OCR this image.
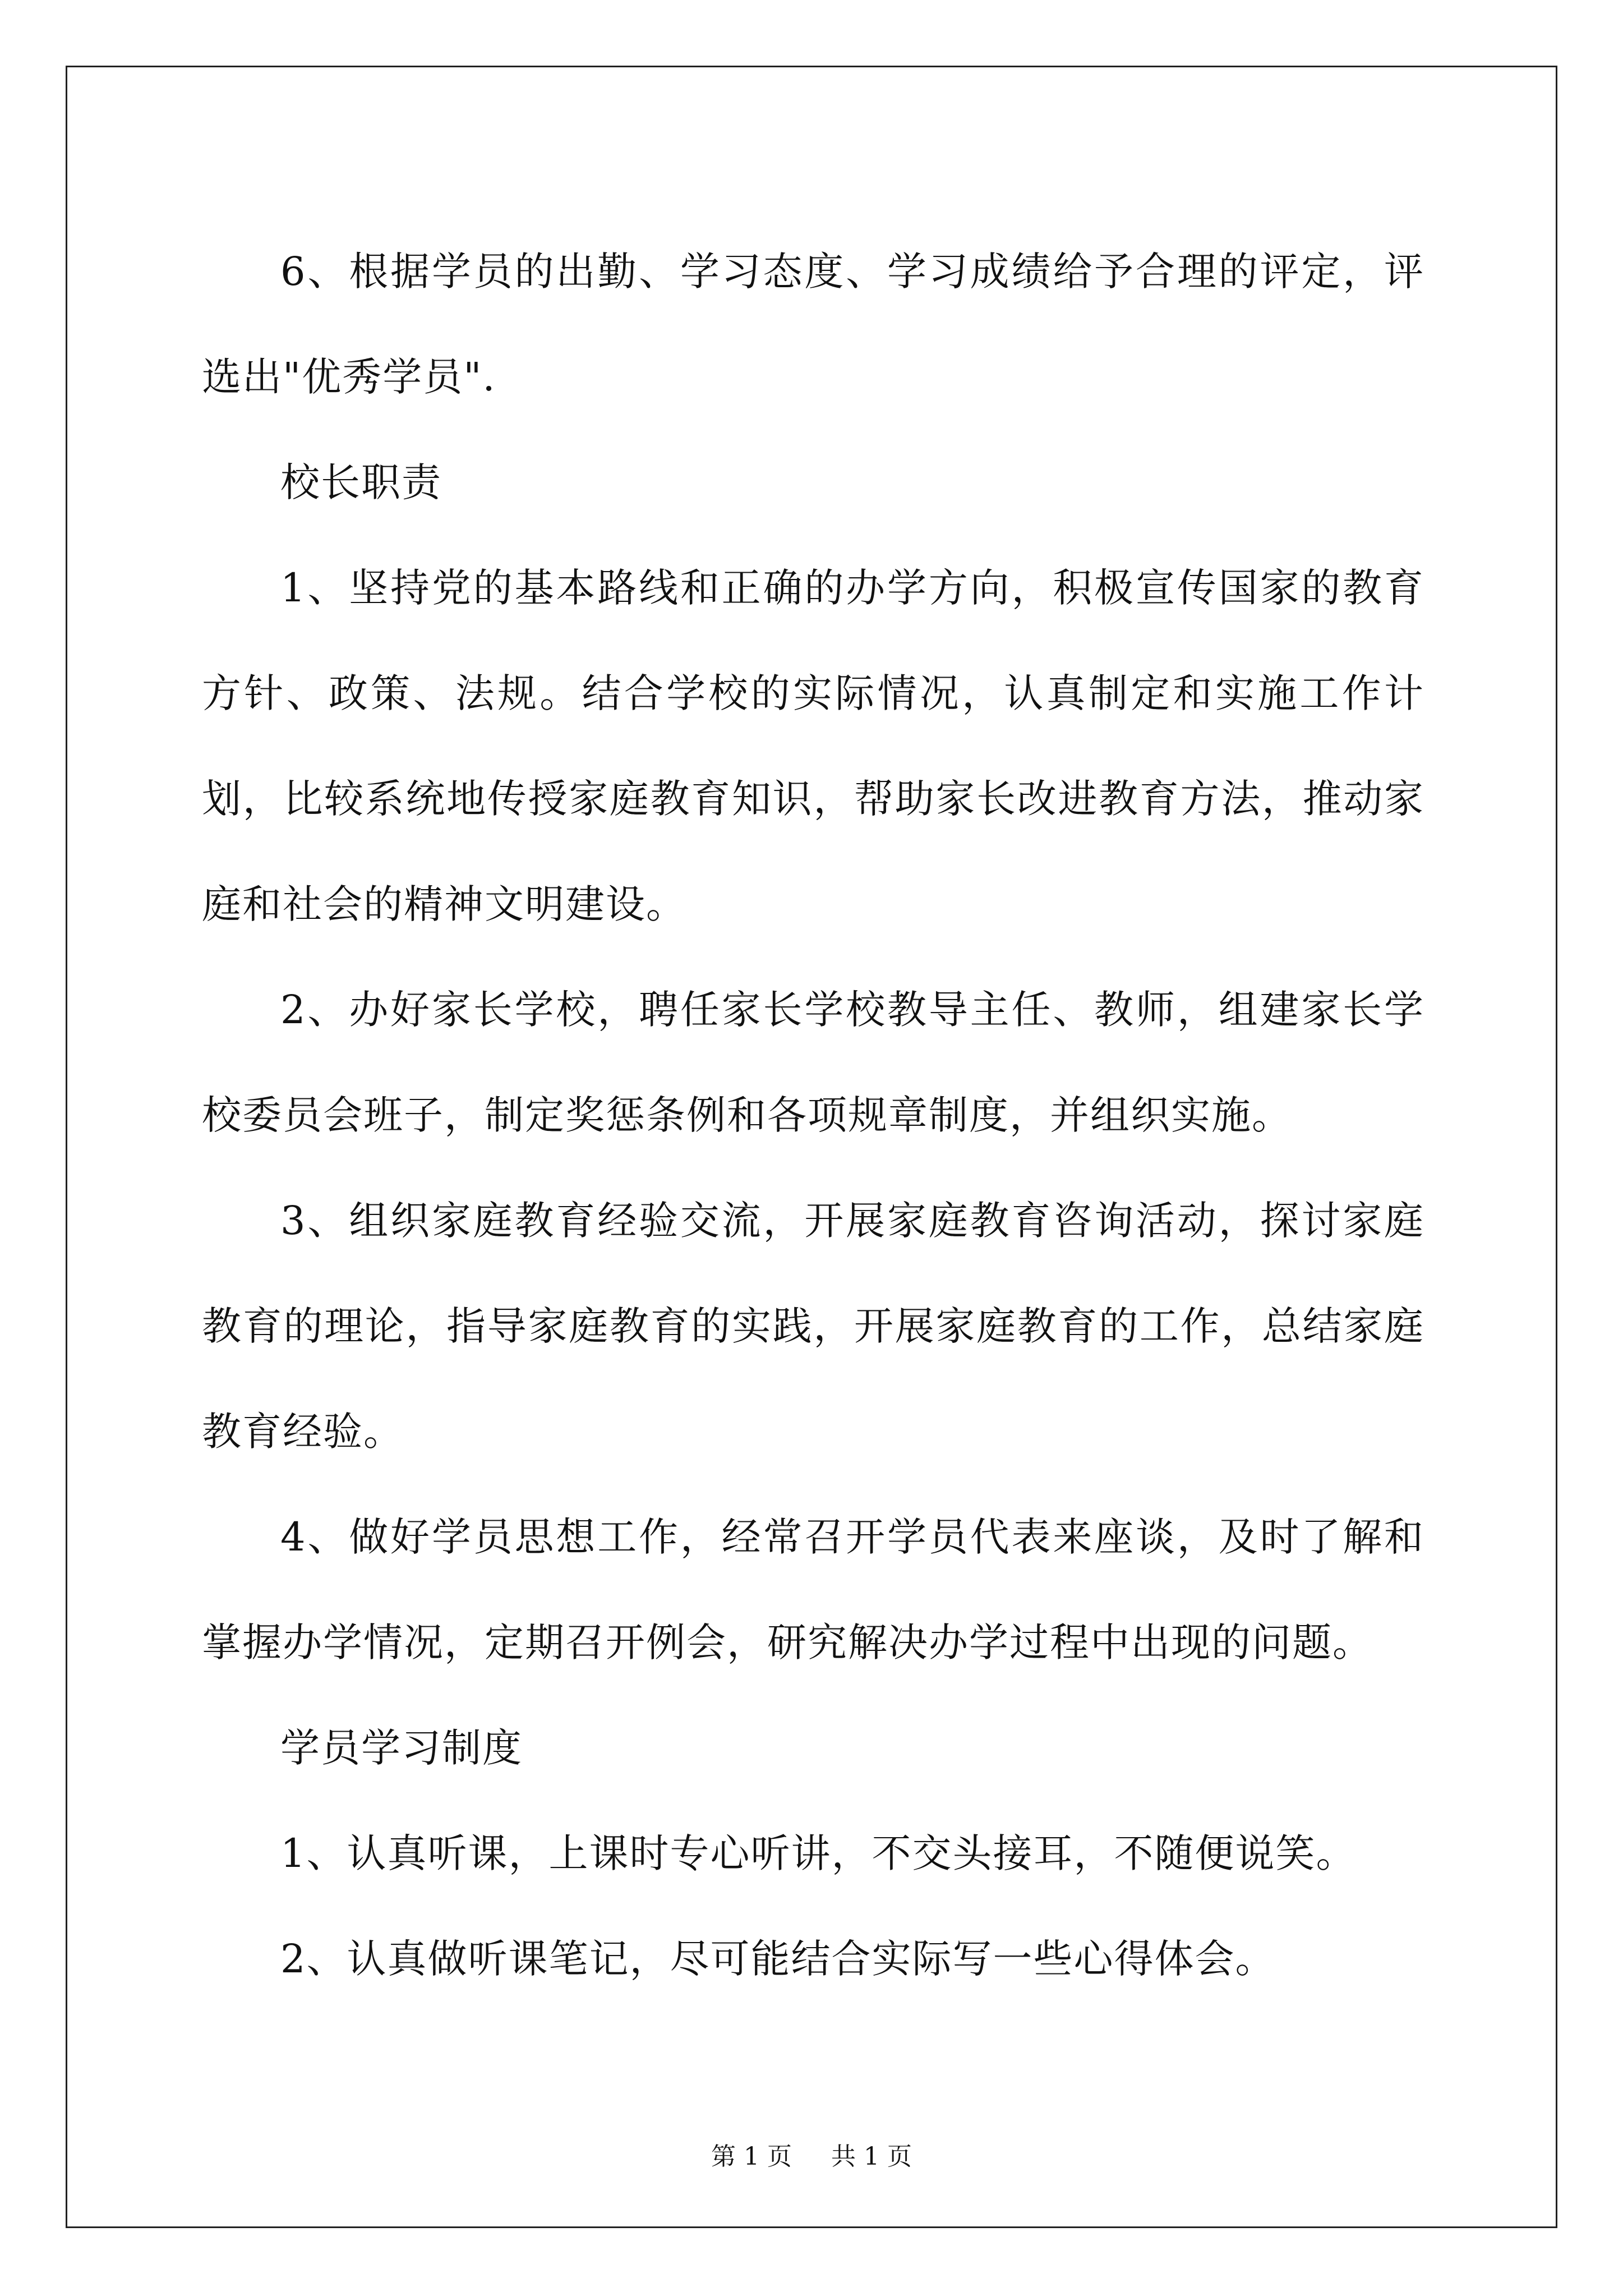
6、根据学员的出勤、学习态度、学习成绩给予合理的评定，评选出"优秀学员".

校长职责

1、坚持党的基本路线和正确的办学方向，积极宣传国家的教育方针、政策、法规。结合学校的实际情况，认真制定和实施工作计划，比较系统地传授家庭教育知识，帮助家长改进教育方法，推动家庭和社会的精神文明建设。

2、办好家长学校，聘任家长学校教导主任、教师，组建家长学校委员会班子，制定奖惩条例和各项规章制度，并组织实施。

3、组织家庭教育经验交流，开展家庭教育咨询活动，探讨家庭教育的理论，指导家庭教育的实践，开展家庭教育的工作，总结家庭教育经验。

4、做好学员思想工作，经常召开学员代表来座谈，及时了解和掌握办学情况，定期召开例会，研究解决办学过程中出现的问题。

学员学习制度

1、认真听课，上课时专心听讲，不交头接耳，不随便说笑。

2、认真做听课笔记，尽可能结合实际写一些心得体会。

第 1 页 共 1 页
